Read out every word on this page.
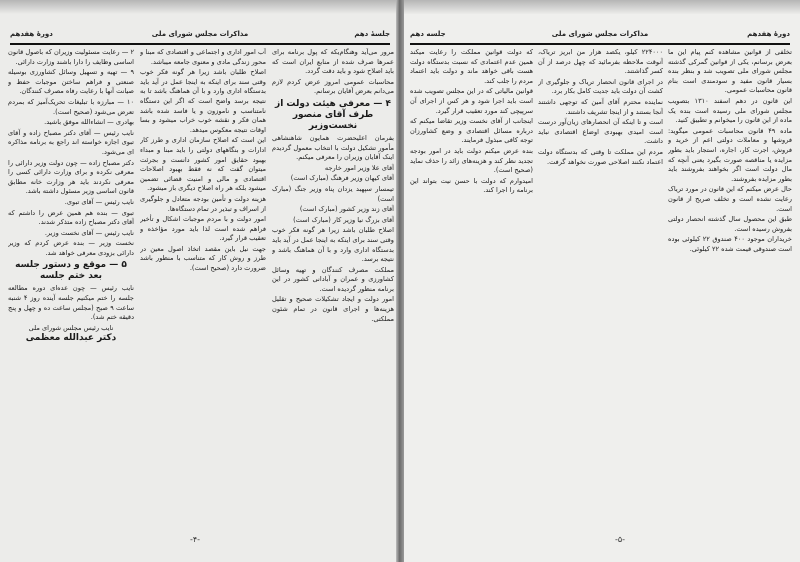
جلسهٔ دهم
مذاکرات مجلس شورای ملی
دورهٔ هفدهم

مرور می‌آید وهنگام‌یکه که پول برنامه برای عمرها صرف شده از منابع ایران است که باید اصلاح شود و باید دقت گردد.

محاسبات عمومی امروز عرض کردم لازم می‌دانم بعرض آقایان برسانم.

۴ — معرفی هیئت دولت از طرف آقای منصور نخست‌وزیر

بفرمان اعلیحضرت همایون شاهنشاهی مأمور تشکیل دولت با انتخاب معمول گردیدم اینک آقایان وزیران را معرفی میکنم.

آقای علا وزیر امور خارجه

آقای کیهان وزیر فرهنگ (مبارک است)

تیمسار سپهبد یزدان پناه وزیر جنگ (مبارک است)

آقای زند وزیر کشور (مبارک است)

آقای بزرگ نیا وزیر کار (مبارک است)

اصلاح طلبان باشد زیرا هر گونه فکر خوب وقتی سند برای اینکه به اینجا عمل در آید باید بدستگاه اداری وارد و با آن هماهنگ باشد و نتیجه برسد.

مملکت مصرف کنندگان و تهیه وسائل کشاورزی و عمران و آبادانی کشور در این برنامه منظور گردیده است.

امور دولت و ایجاد تشکیلات صحیح و تقلیل هزینه‌ها و اجرای قانون در تمام شئون مملکتی.

آب امور اداری و اجتماعی و اقتصادی که مبنا و محور زندگی مادی و معنوی جامعه میباشد.

اصلاح طلبان باشد زیرا هر گونه فکر خوب وقتی سند برای اینکه به اینجا عمل در آید باید بدستگاه اداری وارد و با آن هماهنگ باشد تا به نتیجه برسد واضح است که اگر این دستگاه نامتناسب و ناموزون و یا فاسد شده باشد همان فکر و نقشه خوب خراب میشود و بسا اوقات نتیجه معکوس میدهد.

این است که اصلاح سازمان اداری و طرز کار ادارات و بنگاههای دولتی را باید مبنا و مبداء بهبود حقایق امور کشور دانست و بجرئت میتوان گفت که نه فقط بهبود اصلاحات اقتصادی و مالی و امنیت قضائی تضمین میشود بلکه هر راه اصلاح دیگری باز میشود.

هزینه دولت و تأمین بودجه متعادل و جلوگیری از اسراف و تبذیر در تمام دستگاه‌ها.

امور دولت و با مردم موجبات اشکال و تأخیر فراهم شده است لذا باید مورد مؤاخذه و تعقیب قرار گیرد.

جهت نیل باین مقصد اتخاذ اصول معین در طرز و روش کار که متناسب با منظور باشد ضرورت دارد (صحیح است).

۲ — رعایت مسئولیت وزیران که باصول قانون اساسی وظایف را دارا باشند وزارت دارائی.

۹ — تهیه و تسهیل وسائل کشاورزی بوسیله صنعتی و فراهم ساختن موجبات حفظ و صیانت آنها با رعایت رفاه مصرف کنندگان.

۱۰ — مبارزه با تبلیغات تحریک‌آمیز که بمردم تعرض می‌شود (صحیح است).

بهادری — انشاءالله موفق باشید.

نایب رئیس — آقای دکتر مصباح زاده و آقای تبوی اجازه خواسته اند راجع به برنامه مذاکره ای می‌شود.

دکتر مصباح زاده — چون دولت وزیر دارائی را معرفی نکرده و برای وزارت دارائی کسی را معرفی نکردند باید هر وزارت خانه مطابق قانون اساسی وزیر مسئول داشته باشد.

نایب رئیس — آقای تبوی.

تبوی — بنده هم همین عرض را داشتم که آقای دکتر مصباح زاده متذکر شدند.

نایب رئیس — آقای نخست وزیر.

نخست وزیر — بنده عرض کردم که وزیر دارائی بزودی معرفی خواهد شد.

۵ — موقع و دستور جلسه بعد ختم جلسه

نایب رئیس — چون عده‌ای دوره مطالعه جلسه را ختم میکنیم جلسه آینده روز ۴ شنبه ساعت ۹ صبح (مجلس ساعت ده و چهل و پنج دقیقه ختم شد).

نایب رئیس مجلس شورای ملی

دکتر عبدالله معظمی

-۴-
دورهٔ هفدهم
مذاکرات مجلس شورای ملی
جلسه دهم

تخلفی از قوانین مشاهده کنم پیام این ما بعرض برسانم، یکی از قوانین گمرکی گذشته مجلس شورای ملی تصویب شد و بنظر بنده بسیار قانون مفید و سودمندی است بنام قانون محاسبات عمومی.

این قانون در دهم اسفند ۱۳۱۰ بتصویب مجلس شورای ملی رسیده است بنده یک ماده از این قانون را میخوانم و تطبیق کنید.

ماده ۴۹ قانون محاسبات عمومی میگوید: فروشها و معاملات دولتی اعم از خرید و فروش، اجرت کار، اجاره، استجار باید بطور مزایده یا مناقصه صورت بگیرد یعنی آنچه که مال دولت است اگر بخواهند بفروشند باید بطور مزایده بفروشند.

حال عرض میکنم که این قانون در مورد تریاک رعایت نشده است و تخلف صریح از قانون است.

طبق این محصول سال گذشته انحصار دولتی بفروش رسیده است.

خریداران موجود ۴۰۰ صندوق ۲۲ کیلوئی بوده است صندوقی قیمت شده ۲۲ کیلوئی.

۲۲۴۰۰۰ کیلو، یکصد هزار من ابریز تریاک، آنوقت ملاحظه بفرمائید که چهل درصد از آن کسر گذاشتند.

در اجرای قانون انحصار تریاک و جلوگیری از کشت آن دولت باید جدیت کامل بکار برد.

نماینده محترم آقای آمین که توجهی داشتند آنجا بستند و از اینجا تشریف داشتند.

است و تا اینکه آن انحصارهای زیان‌آور درست است امیدی بهبودی اوضاع اقتصادی نباید داشت.

مردم این مملکت تا وقتی که بدستگاه دولت اعتماد نکنند اصلاحی صورت نخواهد گرفت.

که دولت قوانین مملکت را رعایت میکند همین عدم اعتمادی که نسبت بدستگاه دولت هست باقی خواهد ماند و دولت باید اعتماد مردم را جلب کند.

قوانین مالیاتی که در این مجلس تصویب شده است باید اجرا شود و هر کس از اجرای آن سرپیچی کند مورد تعقیب قرار گیرد.

اینجانب از آقای نخست وزیر تقاضا میکنم که درباره مسائل اقتصادی و وضع کشاورزان توجه کافی مبذول فرمایند.

بنده عرض میکنم دولت باید در امور بودجه تجدید نظر کند و هزینه‌های زائد را حذف نماید (صحیح است).

امیدوارم که دولت با حسن نیت بتواند این برنامه را اجرا کند.

-۵-
